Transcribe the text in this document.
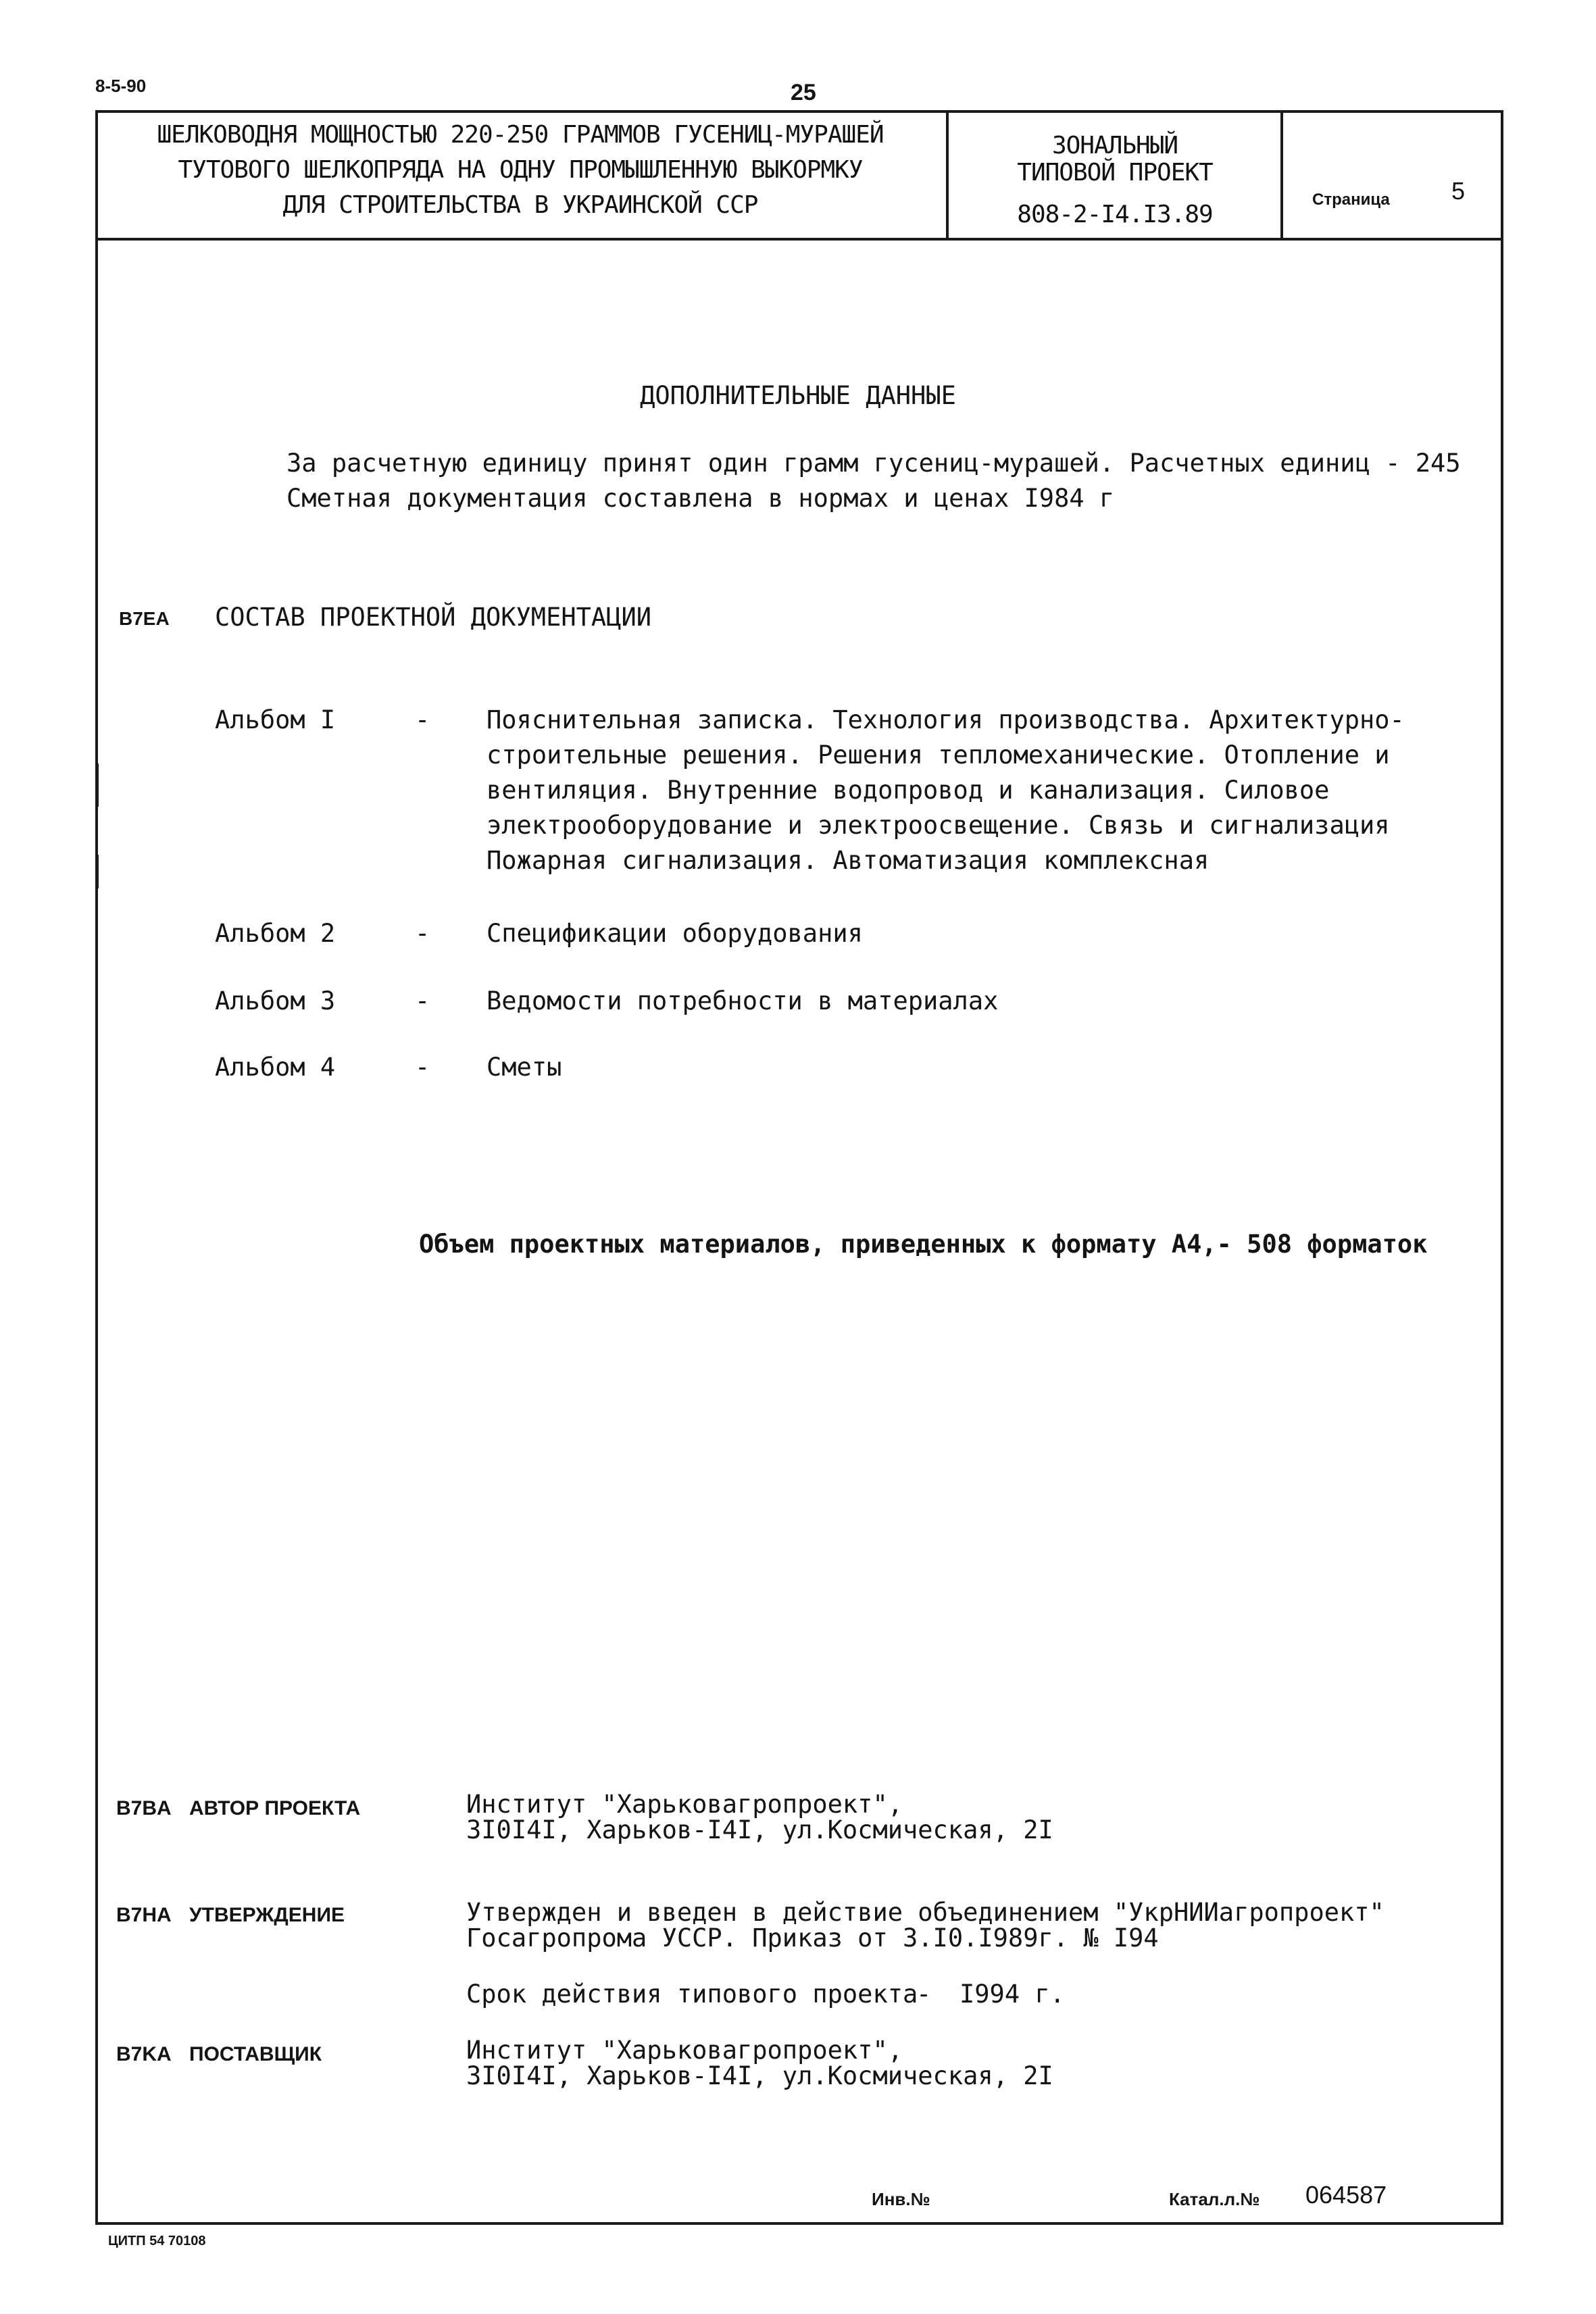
8-5-90	25
ШЕЛКОВОДНЯ МОЩНОСТЬЮ 220-250 ГРАММОВ ГУСЕНИЦ-МУРАШЕЙ
ТУТОВОГО ШЕЛКОПРЯДА НА ОДНУ ПРОМЫШЛЕННУЮ ВЫКОРМКУ
ДЛЯ СТРОИТЕЛЬСТВА В УКРАИНСКОЙ ССР
ЗОНАЛЬНЫЙ
ТИПОВОЙ ПРОЕКТ
808-2-I4.I3.89
Страница	5
ДОПОЛНИТЕЛЬНЫЕ ДАННЫЕ
За расчетную единицу принят один грамм гусениц-мурашей. Расчетных единиц - 245
Сметная документация составлена в нормах и ценах I984 г
B7EA СОСТАВ ПРОЕКТНОЙ ДОКУМЕНТАЦИИ
Альбом I	- Пояснительная записка. Технология производства. Архитектурно-
строительные решения. Решения тепломеханические. Отопление и
вентиляция. Внутренние водопровод и канализация. Силовое
электрооборудование и электроосвещение. Связь и сигнализация
Пожарная сигнализация. Автоматизация комплексная
Альбом 2	- Спецификации оборудования
Альбом 3	- Ведомости потребности в материалах
Альбом 4	- Сметы
Объем проектных материалов, приведенных к формату А4,- 508 форматок
B7BA АВТОР ПРОЕКТА	Институт "Харьковагропроект",
3I0I4I, Харьков-I4I, ул.Космическая, 2I
B7HA УТВЕРЖДЕНИЕ	Утвержден и введен в действие объединением "УкрНИИагропроект"
Госагропрома УССР. Приказ от 3.I0.I989г. № I94
Срок действия типового проекта
- I994 г.
B7KA ПОСТАВЩИК	Институт "Харьковагропроект",
3I0I4I, Харьков-I4I, ул.Космическая, 2I
Инв.№	Катал.л.№ 064587
ЦИТП 54 70108
